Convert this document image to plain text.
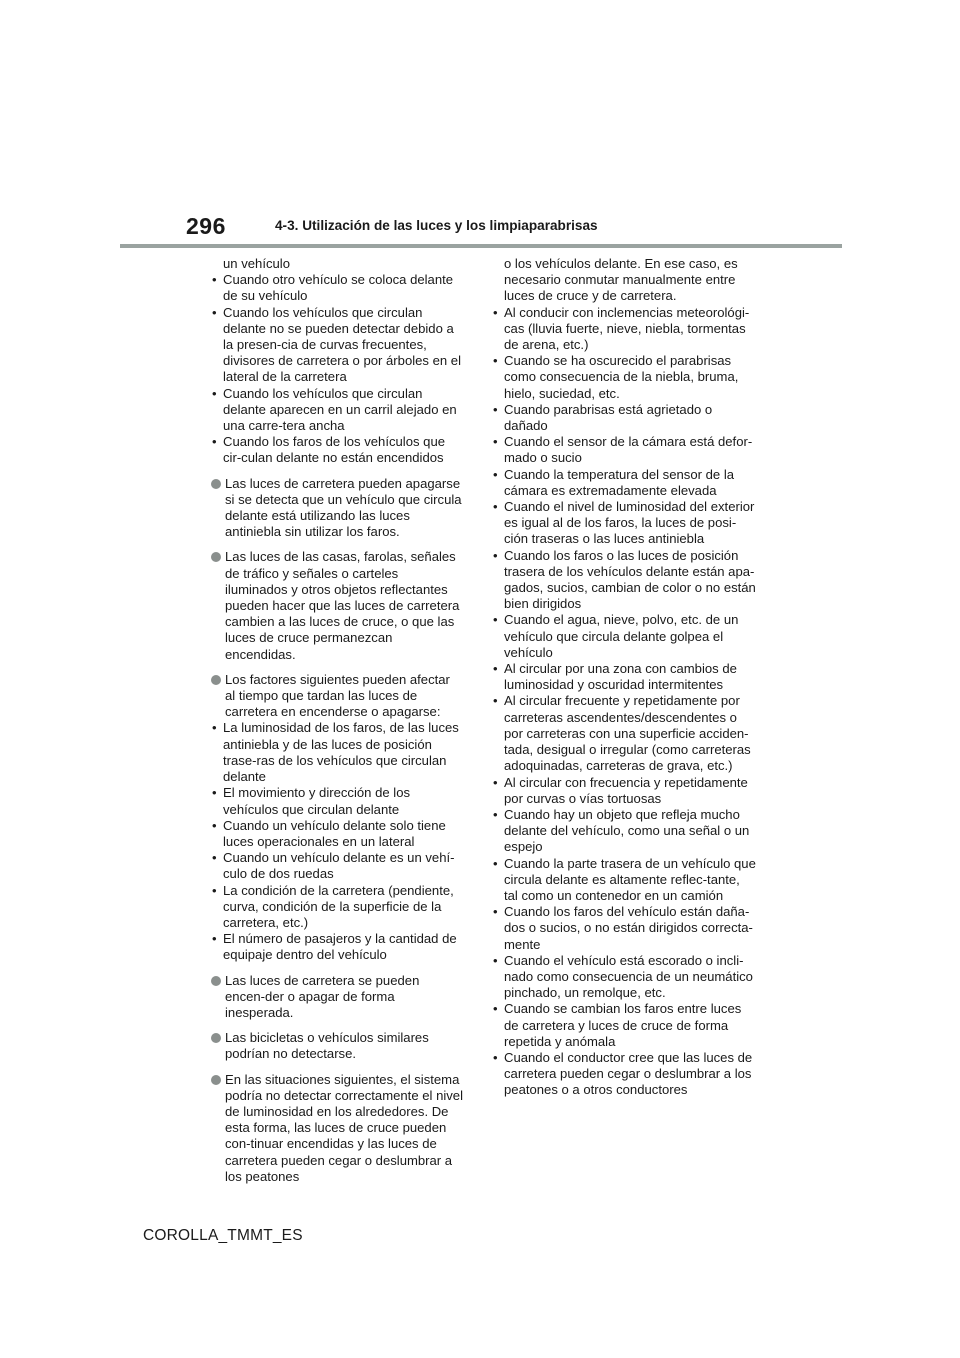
296	4-3. Utilización de las luces y los limpiaparabrisas
un vehículo
• Cuando otro vehículo se coloca delante de su vehículo
• Cuando los vehículos que circulan delante no se pueden detectar debido a la presen-cia de curvas frecuentes, divisores de carretera o por árboles en el lateral de la carretera
• Cuando los vehículos que circulan delante aparecen en un carril alejado en una carre-tera ancha
• Cuando los faros de los vehículos que cir-culan delante no están encendidos
Las luces de carretera pueden apagarse si se detecta que un vehículo que circula delante está utilizando las luces antiniebla sin utilizar los faros.
Las luces de las casas, farolas, señales de tráfico y señales o carteles iluminados y otros objetos reflectantes pueden hacer que las luces de carretera cambien a las luces de cruce, o que las luces de cruce permanezcan encendidas.
Los factores siguientes pueden afectar al tiempo que tardan las luces de carretera en encenderse o apagarse:
• La luminosidad de los faros, de las luces antiniebla y de las luces de posición trase-ras de los vehículos que circulan delante
• El movimiento y dirección de los vehículos que circulan delante
• Cuando un vehículo delante solo tiene luces operacionales en un lateral
• Cuando un vehículo delante es un vehí-culo de dos ruedas
• La condición de la carretera (pendiente, curva, condición de la superficie de la carretera, etc.)
• El número de pasajeros y la cantidad de equipaje dentro del vehículo
Las luces de carretera se pueden encen-der o apagar de forma inesperada.
Las bicicletas o vehículos similares podrían no detectarse.
En las situaciones siguientes, el sistema podría no detectar correctamente el nivel de luminosidad en los alrededores. De esta forma, las luces de cruce pueden con-tinuar encendidas y las luces de carretera pueden cegar o deslumbrar a los peatones
o los vehículos delante. En ese caso, es necesario conmutar manualmente entre luces de cruce y de carretera.
• Al conducir con inclemencias meteorológi-cas (lluvia fuerte, nieve, niebla, tormentas de arena, etc.)
• Cuando se ha oscurecido el parabrisas como consecuencia de la niebla, bruma, hielo, suciedad, etc.
• Cuando parabrisas está agrietado o dañado
• Cuando el sensor de la cámara está defor-mado o sucio
• Cuando la temperatura del sensor de la cámara es extremadamente elevada
• Cuando el nivel de luminosidad del exterior es igual al de los faros, la luces de posi-ción traseras o las luces antiniebla
• Cuando los faros o las luces de posición trasera de los vehículos delante están apa-gados, sucios, cambian de color o no están bien dirigidos
• Cuando el agua, nieve, polvo, etc. de un vehículo que circula delante golpea el vehículo
• Al circular por una zona con cambios de luminosidad y oscuridad intermitentes
• Al circular frecuente y repetidamente por carreteras ascendentes/descendentes o por carreteras con una superficie acciden-tada, desigual o irregular (como carreteras adoquinadas, carreteras de grava, etc.)
• Al circular con frecuencia y repetidamente por curvas o vías tortuosas
• Cuando hay un objeto que refleja mucho delante del vehículo, como una señal o un espejo
• Cuando la parte trasera de un vehículo que circula delante es altamente reflec-tante, tal como un contenedor en un camión
• Cuando los faros del vehículo están daña-dos o sucios, o no están dirigidos correcta-mente
• Cuando el vehículo está escorado o incli-nado como consecuencia de un neumático pinchado, un remolque, etc.
• Cuando se cambian los faros entre luces de carretera y luces de cruce de forma repetida y anómala
• Cuando el conductor cree que las luces de carretera pueden cegar o deslumbrar a los peatones o a otros conductores
COROLLA_TMMT_ES
